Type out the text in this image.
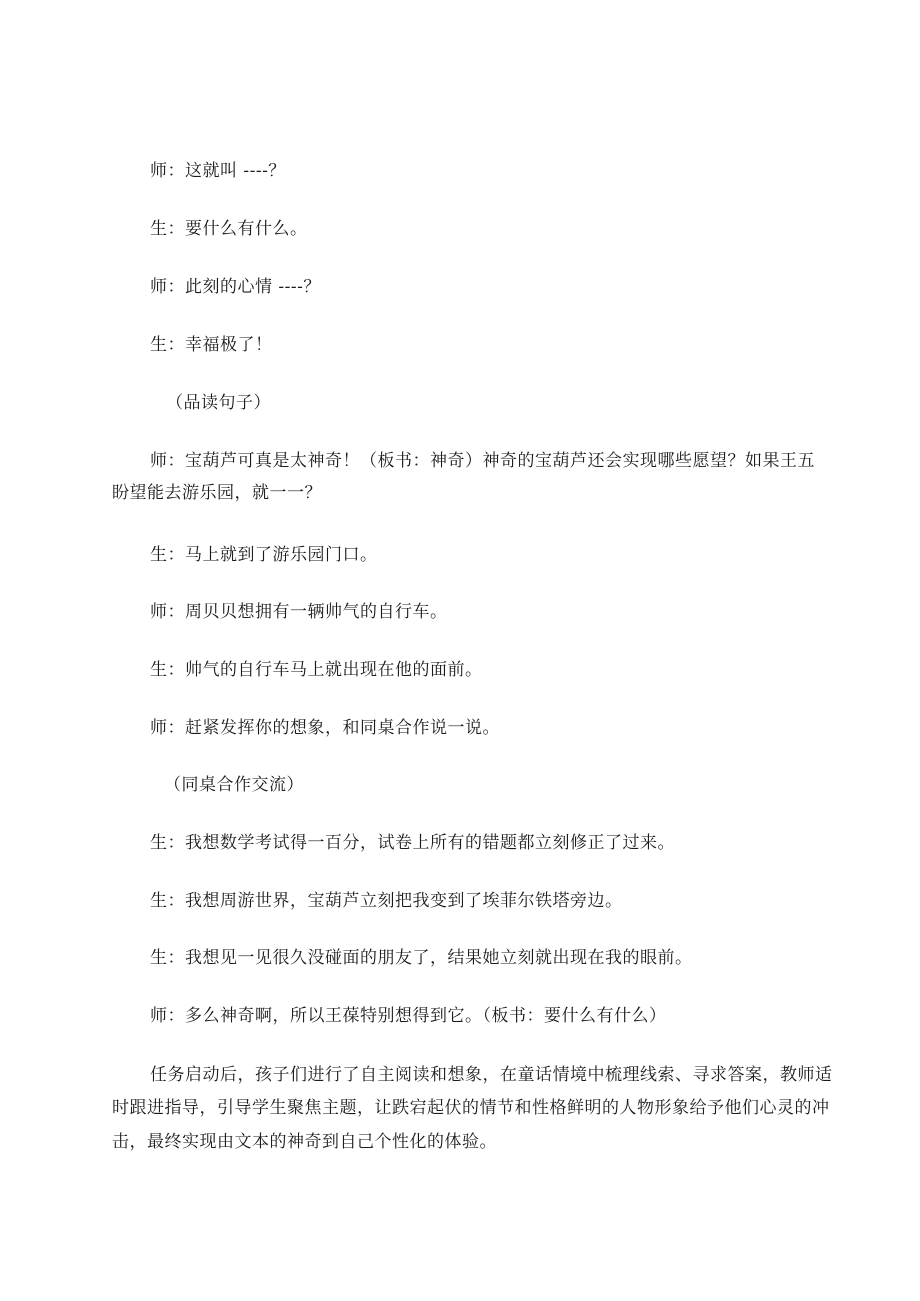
师：这就叫 ----？
生：要什么有什么。
师：此刻的心情 ----？
生：幸福极了！
（品读句子）
师：宝葫芦可真是太神奇！（板书：神奇）神奇的宝葫芦还会实现哪些愿望？如果王五
盼望能去游乐园，就一一？
生：马上就到了游乐园门口。
师：周贝贝想拥有一辆帅气的自行车。
生：帅气的自行车马上就出现在他的面前。
师：赶紧发挥你的想象，和同桌合作说一说。
（同桌合作交流）
生：我想数学考试得一百分，试卷上所有的错题都立刻修正了过来。
生：我想周游世界，宝葫芦立刻把我变到了埃菲尔铁塔旁边。
生：我想见一见很久没碰面的朋友了，结果她立刻就出现在我的眼前。
师：多么神奇啊，所以王葆特别想得到它。（板书：要什么有什么）
任务启动后，孩子们进行了自主阅读和想象，在童话情境中梳理线索、寻求答案，教师适
时跟进指导，引导学生聚焦主题，让跌宕起伏的情节和性格鲜明的人物形象给予他们心灵的冲
击，最终实现由文本的神奇到自己个性化的体验。
